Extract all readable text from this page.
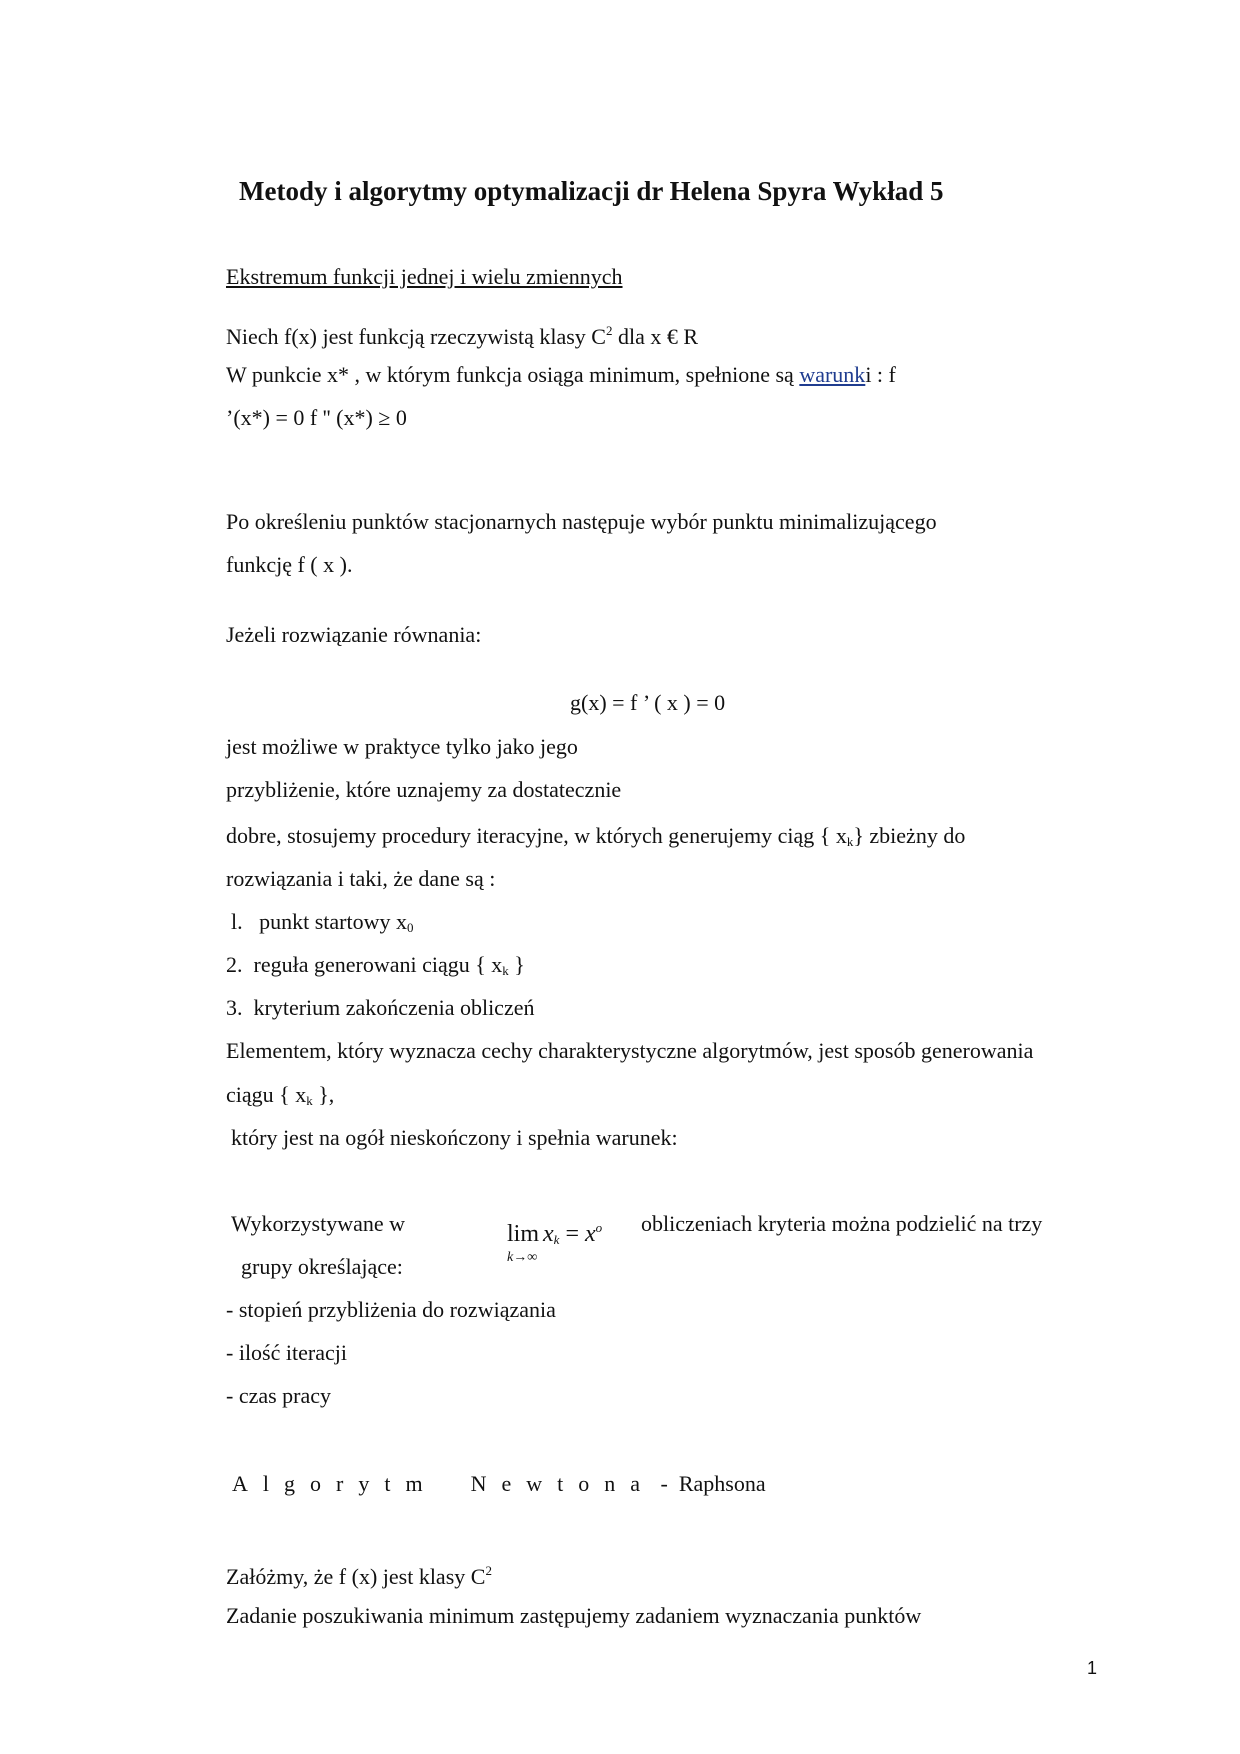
Metody i algorytmy optymalizacji dr Helena Spyra Wykład 5
Ekstremum funkcji jednej i wielu zmiennych
Niech f(x) jest funkcją rzeczywistą klasy $C^2$ dla x € R
W punkcie x* , w którym funkcja osiąga minimum, spełnione są warunki : f
’(x*) = 0 f '' (x*) ≥ 0
Po określeniu punktów stacjonarnych następuje wybór punktu minimalizującego
funkcję f ( x ).
Jeżeli rozwiązanie równania:
g(x) = f ’ ( x ) = 0
jest możliwe w praktyce tylko jako jego
przybliżenie, które uznajemy za dostatecznie
dobre, stosujemy procedury iteracyjne, w których generujemy ciąg { $x_k$} zbieżny do
rozwiązania i taki, że dane są :
l. punkt startowy $x_0$
2. reguła generowani ciągu { $x_k$ }
3. kryterium zakończenia obliczeń
Elementem, który wyznacza cechy charakterystyczne algorytmów, jest sposób generowania
ciągu { $x_k$ },
który jest na ogół nieskończony i spełnia warunek:
Wykorzystywane w	obliczeniach kryteria można podzielić na trzy
grupy określające:
$\lim x_k = x^o$
k→∞
- stopień przybliżenia do rozwiązania
- ilość iteracji
- czas pracy
Algorytm Newtona -  Raphsona
Załóżmy, że f (x) jest klasy $C^2$
Zadanie poszukiwania minimum zastępujemy zadaniem wyznaczania punktów
1
